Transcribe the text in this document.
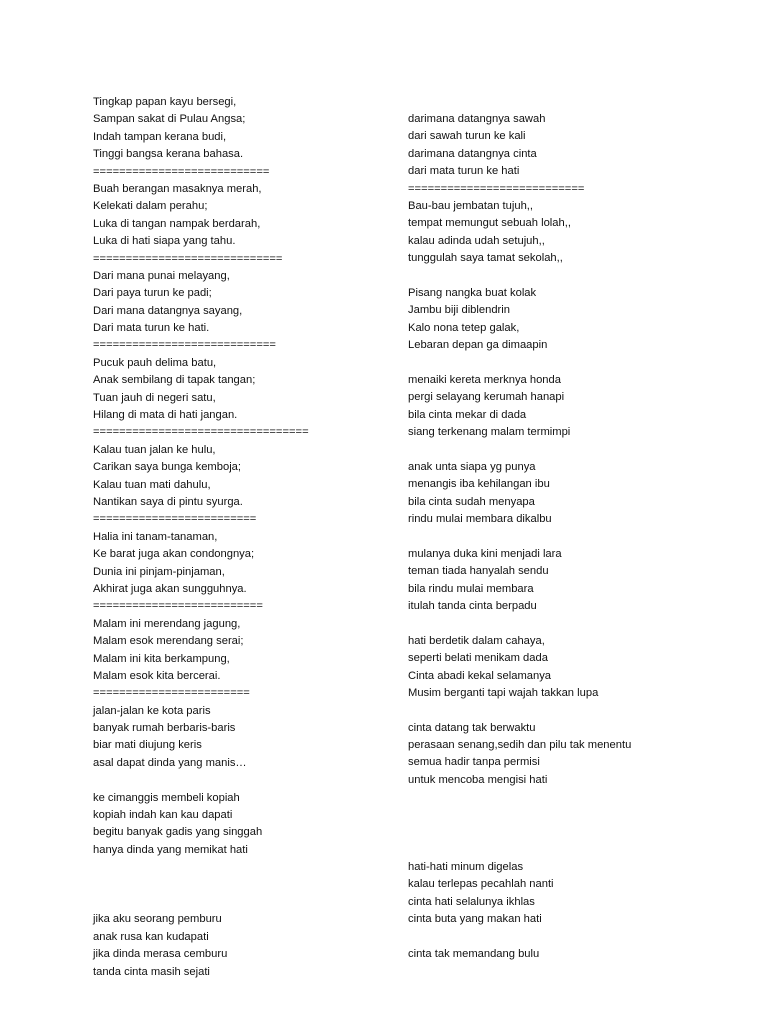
Tingkap papan kayu bersegi,
Sampan sakat di Pulau Angsa;
Indah tampan kerana budi,
Tinggi bangsa kerana bahasa.
===========================
Buah berangan masaknya merah,
Kelekati dalam perahu;
Luka di tangan nampak berdarah,
Luka di hati siapa yang tahu.
=============================
Dari mana punai melayang,
Dari paya turun ke padi;
Dari mana datangnya sayang,
Dari mata turun ke hati.
============================
Pucuk pauh delima batu,
Anak sembilang di tapak tangan;
Tuan jauh di negeri satu,
Hilang di mata di hati jangan.
=================================
Kalau tuan jalan ke hulu,
Carikan saya bunga kemboja;
Kalau tuan mati dahulu,
Nantikan saya di pintu syurga.
=========================
Halia ini tanam-tanaman,
Ke barat juga akan condongnya;
Dunia ini pinjam-pinjaman,
Akhirat juga akan sungguhnya.
==========================
Malam ini merendang jagung,
Malam esok merendang serai;
Malam ini kita berkampung,
Malam esok kita bercerai.
========================
jalan-jalan ke kota paris
banyak rumah berbaris-baris
biar mati diujung keris
asal dapat dinda yang manis…
ke cimanggis membeli kopiah
kopiah indah kan kau dapati
begitu banyak gadis yang singgah
hanya dinda yang memikat hati
jika aku seorang pemburu
anak rusa kan kudapati
jika dinda merasa cemburu
tanda cinta masih sejati
darimana datangnya sawah
dari sawah turun ke kali
darimana datangnya cinta
dari mata turun ke hati
===========================
Bau-bau jembatan tujuh,,
tempat memungut sebuah lolah,,
kalau adinda udah setujuh,,
tunggulah saya tamat sekolah,,
Pisang nangka buat kolak
Jambu biji diblendrin
Kalo nona tetep galak,
Lebaran depan ga dimaapin
menaiki kereta merknya honda
pergi selayang kerumah hanapi
bila cinta mekar di dada
siang terkenang malam termimpi
anak unta siapa yg punya
menangis iba kehilangan ibu
bila cinta sudah menyapa
rindu mulai membara dikalbu
mulanya duka kini menjadi lara
teman tiada hanyalah sendu
bila rindu mulai membara
itulah tanda cinta berpadu
hati berdetik dalam cahaya,
seperti belati menikam dada
Cinta abadi kekal selamanya
Musim berganti tapi wajah takkan lupa
cinta datang tak berwaktu
perasaan senang,sedih dan pilu tak menentu
semua hadir tanpa permisi
untuk mencoba mengisi hati
hati-hati minum digelas
kalau terlepas pecahlah nanti
cinta hati selalunya ikhlas
cinta buta yang makan hati
cinta tak memandang bulu
